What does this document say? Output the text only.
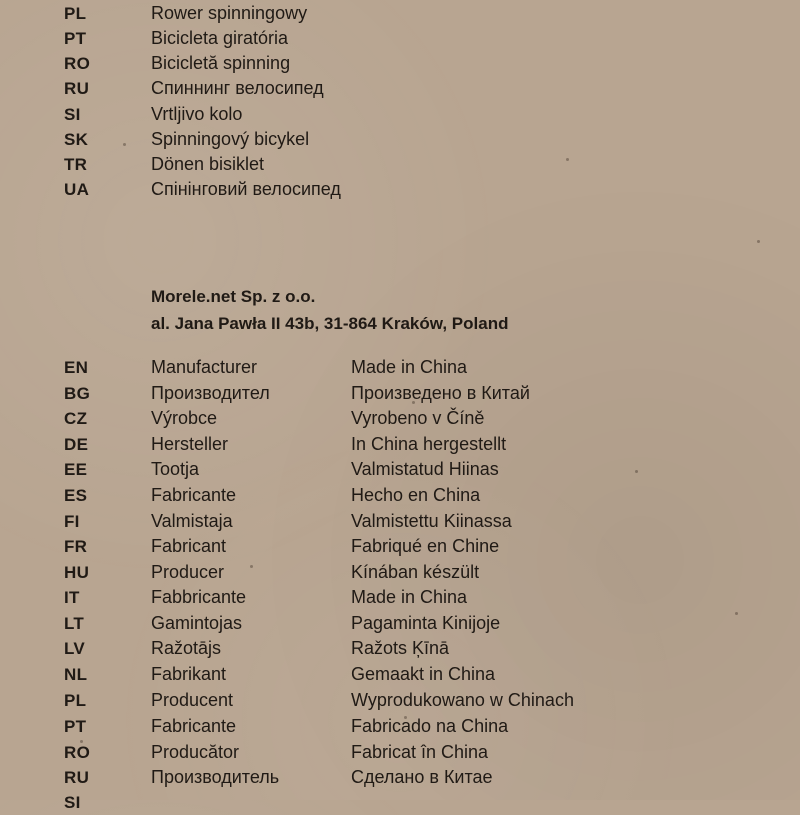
PL	Rower spinningowy
PT	Bicicleta giratória
RO	Bicicletă spinning
RU	Спиннинг велосипед
SI	Vrtljivo kolo
SK	Spinningový bicykel
TR	Dönen bisiklet
UA	Спінінговий велосипед
Morele.net Sp. z o.o.
al. Jana Pawła II 43b, 31-864 Kraków, Poland
EN	Manufacturer	Made in China
BG	Производител	Произведено в Китай
CZ	Výrobce	Vyrobeno v Číně
DE	Hersteller	In China hergestellt
EE	Tootja	Valmistatud Hiinas
ES	Fabricante	Hecho en China
FI	Valmistaja	Valmistettu Kiinassa
FR	Fabricant	Fabriqué en Chine
HU	Producer	Kínában készült
IT	Fabbricante	Made in China
LT	Gamintojas	Pagaminta Kinijoje
LV	Ražotājs	Ražots Ķīnā
NL	Fabrikant	Gemaakt in China
PL	Producent	Wyprodukowano w Chinach
PT	Fabricante	Fabricado na China
RO	Producător	Fabricat în China
RU	Производитель	Сделано в Китае
SI
